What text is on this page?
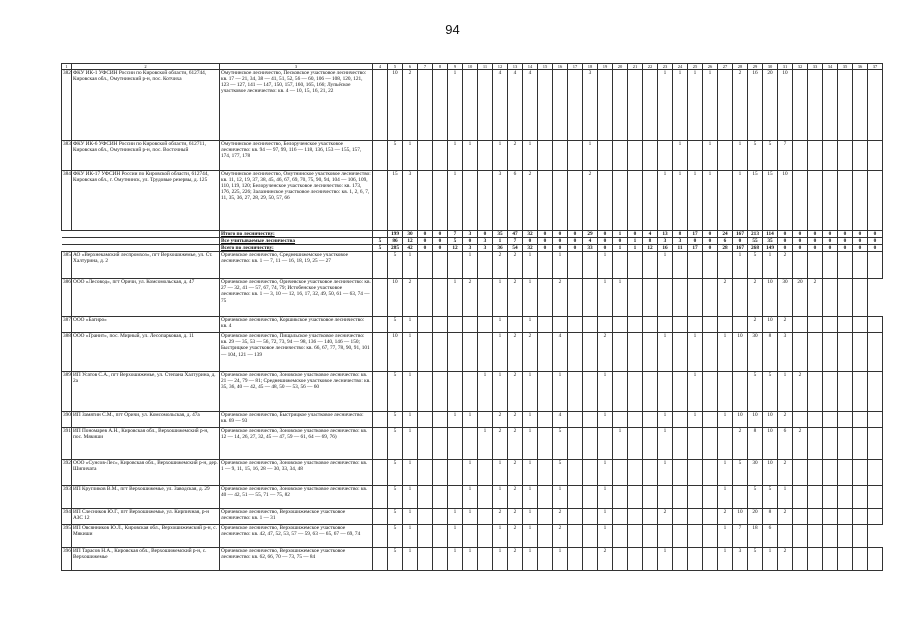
94
1	2	3	4	5	6	7	8	9	10	11	12	13	14	15	16	17	18	19	20	21	22	23	24	25	26	27	28	29	30	31	32	33	34	35	36	37
382	ФКУ ИК-1 УФСИН России по Кировской области, 612744, Кировская обл., Омутнинский р-н, пос. Котчиха	Омутнинское лесничество, Песковское участковое лесничество: кв. 17 — 21, 34, 38 — 41, 51, 52, 56 — 60, 106 — 108, 120, 121, 123 — 127, 141 — 147, 150, 157, 160, 165, 166; Лупьёское участковое лесничество: кв. 4 — 10, 15, 16, 21, 22		10	2			1			4	4	4				3					1	1	1	1		2	16	20	10						
383	ФКУ ИК-6 УФСИН России по Кировской области, 612711, Кировская обл., Омутнинский р-н, пос. Восточный	Омутнинское лесничество, Белорученское участковое лесничество: кв. 94 — 97, 99, 116 — 118, 136, 153 — 155, 157, 174, 177, 178		5	1			1	1		1	2	1				1						1		1		1	5	5	7						
384	ФКУ ИК-17 УФСИН России по Кировской области, 612744, Кировская обл., г. Омутнинск, ул. Трудовые резервы, д. 125	Омутнинское лесничество, Омутнинское участковое лесничество: кв. 11, 12, 19, 37, 38, 45, 46, 67, 69, 70, 75, 90, 94, 104 — 106, 109, 110, 119, 120; Белорученское участковое лесничество: кв. 173, 176, 225, 226; Залазнинское участковое лесничество: кв. 1, 2, 6, 7, 11, 35, 36, 27, 28, 29, 50, 57, 66		15	3			1			3	6	2				2					1	1	1	1		1	15	15	10						
		Итого по лесничеству:		199	30	0	0	7	3	0	35	47	32	0	0	0	29	0	1	0	4	13	8	17	0	24	167	213	114	0	0	0	0	0	0	0
		Все учитываемые лесничества	5	86	12	0	0	5	0	3	1	7	0	0	0	0	4	0	0	1	8	3	3	0	0	6	0	55	35	0	0	0	0	0	0	0
		Всего по лесничеству:	5	285	42	0	0	12	3	3	36	54	32	0	0	0	33	0	1	1	12	16	11	17	0	28	167	268	149	0	0	0	0	0	0	0
385	АО «Верхнекамский леспромхоз», пгт Верхошижемье, ул. Ст. Халтурина, д. 2	Оричевское лесничество, Среднешижемское участковое лесничество: кв. 1 — 7, 11 — 16, 18, 19, 25 — 27		5	1				1		2	2	1		1			1				1					1	5	1	2						
386	ООО «Лесовод», пгт Оричи, ул. Комсомольская, д. 47	Оричевское лесничество, Оричевское участковое лесничество: кв. 27 — 32, 41 — 57, 67, 74, 79; Истобенское участковое лесничество: кв. 1 — 3, 10 — 12, 16, 17, 32, 49, 50, 61 — 63, 74 — 75		10	2			1	2		1	2	1		2			1	1							2		2	10	30	20	2				
387	ООО «Багиро»	Оричевское лесничество, Коршикское участковое лесничество: кв. 4		5	1						1		1															2	10	2						
388	ООО «Гранит», пос. Мирный, ул. Лесопарковая, д. 11	Оричевское лесничество, Пищальское участковое лесничество: кв. 29 — 35, 53 — 56, 72, 73, 94 — 98, 136 — 140, 146 — 150; Быстрицкое участковое лесничество: кв. 66, 67, 77, 78, 90, 91, 101 — 104, 121 — 139		10	1						1	2	2		4			2				1		1		1	10	30	8	3						
389	ИП Усатов С.А., пгт Верхошижемье, ул. Степана Халтурина, д. 2а	Оричевское лесничество, Зоновское участковое лесничество: кв. 21 — 24, 79 — 81; Среднешижемское участковое лесничество: кв. 35, 36, 40 — 42, 45 — 48, 50 — 53, 56 — 60		5	1					1	1	2	1		1			1						1				5	5	1	2					
390	ИП Замятин С.М., пгт Оричи, ул. Комсомольская, д. 47а	Оричевское лесничество, Быстрицкое участковое лесничество: кв. 69 — 93		5	1			1	1		2	2	1		4			1				1		1		1	10	10	10	2						
391	ИП Пономарев А.Н., Кировская обл., Верхошижемский р-н, пос. Мякиши	Оричевское лесничество, Зоновское участковое лесничество: кв. 12 — 14, 26, 27, 32, 45 — 47, 59 — 61, 64 — 69, 76)		5	1					1	2	2	1		5				1			1					2	8	10	6	2					
392	ООО «Сунсов-Лес», Кировская обл., Верхошижемский р-н, дер. Шипичата	Оричевское лесничество, Зоновское участковое лесничество: кв. 1 — 9, 11, 15, 16, 28 — 30, 33, 34, 48		5	1				1		1	2	1		5			1				1				1	5	30	10	2						
393	ИП Кругликов В.М., пгт Верхошижемье, ул. Заводская, д. 29	Оричевское лесничество, Зоновское участковое лесничество: кв. 40 — 42, 51 — 55, 71 — 75, 82		5	1				1		1	2	1		1			1								1		5	5	1						
394	ИП Слесников Ю.Г., пгт Верхошижемье, ул. Кирпичная, р-н АЗС 12	Оричевское лесничество, Верхошижемское участковое лесничество: кв. 1 — 31		5	1			1	1		2	2	1		2			1				2				2	10	20	8	2						
395	ИП Овсянников Ю.Л., Кировская обл., Верхошижемский р-н, с. Мякиши	Оричевское лесничество, Верхошижемское участковое лесничество: кв. 42, 47, 52, 53, 57 — 59, 63 — 65, 67 — 69, 74		5	1			1			1	2	1		2			1								1	7	18	6							
396	ИП Тарасов Н.А., Кировская обл., Верхошижемский р-н, с. Верхошижемье	Оричевское лесничество, Верхошижемское участковое лесничество: кв. 62, 66, 70 — 73, 75 — 84		5	1			1	1		1	2	1		1			2				1				1	3	5	1	2						
